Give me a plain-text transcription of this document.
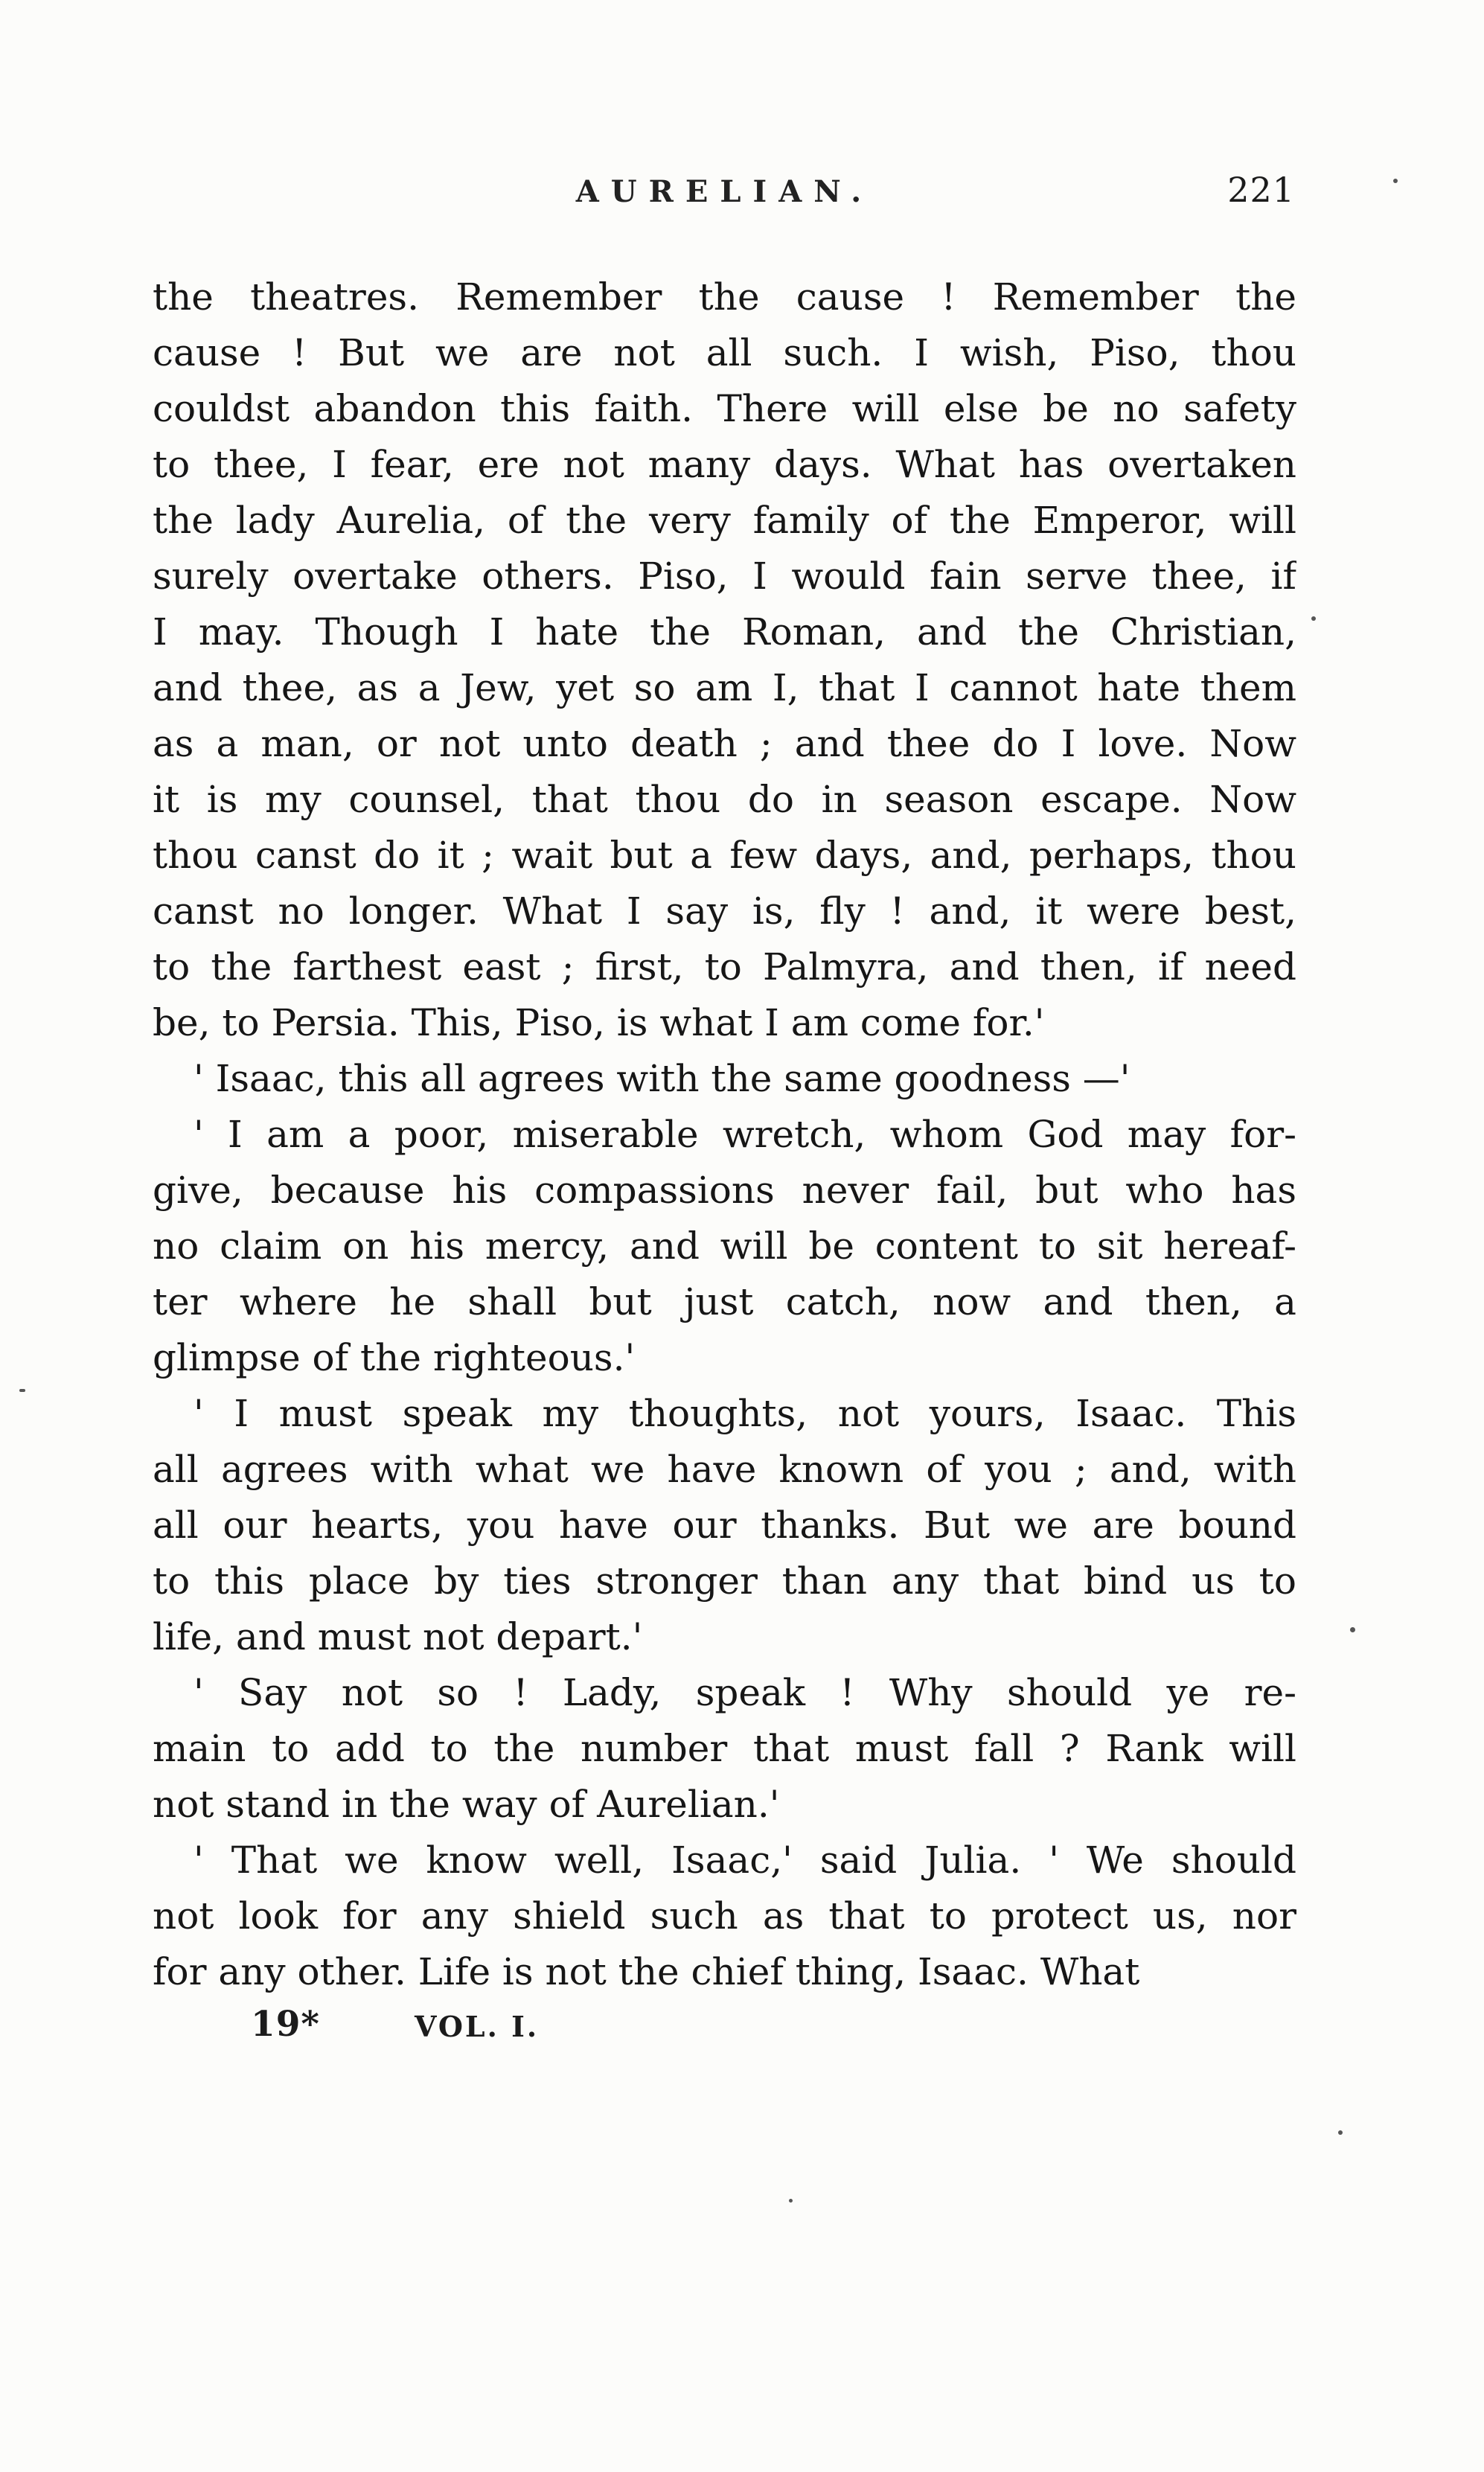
AURELIAN.	221
the theatres. Remember the cause ! Remember the
cause ! But we are not all such. I wish, Piso, thou
couldst abandon this faith. There will else be no safety
to thee, I fear, ere not many days. What has overtaken
the lady Aurelia, of the very family of the Emperor, will
surely overtake others. Piso, I would fain serve thee, if
I may. Though I hate the Roman, and the Christian,
and thee, as a Jew, yet so am I, that I cannot hate them
as a man, or not unto death ; and thee do I love. Now
it is my counsel, that thou do in season escape. Now
thou canst do it ; wait but a few days, and, perhaps, thou
canst no longer. What I say is, fly ! and, it were best,
to the farthest east ; first, to Palmyra, and then, if need
be, to Persia. This, Piso, is what I am come for.'
' Isaac, this all agrees with the same goodness —'
' I am a poor, miserable wretch, whom God may for-
give, because his compassions never fail, but who has
no claim on his mercy, and will be content to sit hereaf-
ter where he shall but just catch, now and then, a
glimpse of the righteous.'
' I must speak my thoughts, not yours, Isaac. This
all agrees with what we have known of you ; and, with
all our hearts, you have our thanks. But we are bound
to this place by ties stronger than any that bind us to
life, and must not depart.'
' Say not so ! Lady, speak ! Why should ye re-
main to add to the number that must fall ? Rank will
not stand in the way of Aurelian.'
' That we know well, Isaac,' said Julia. ' We should
not look for any shield such as that to protect us, nor
for any other. Life is not the chief thing, Isaac. What
19*	VOL. I.
